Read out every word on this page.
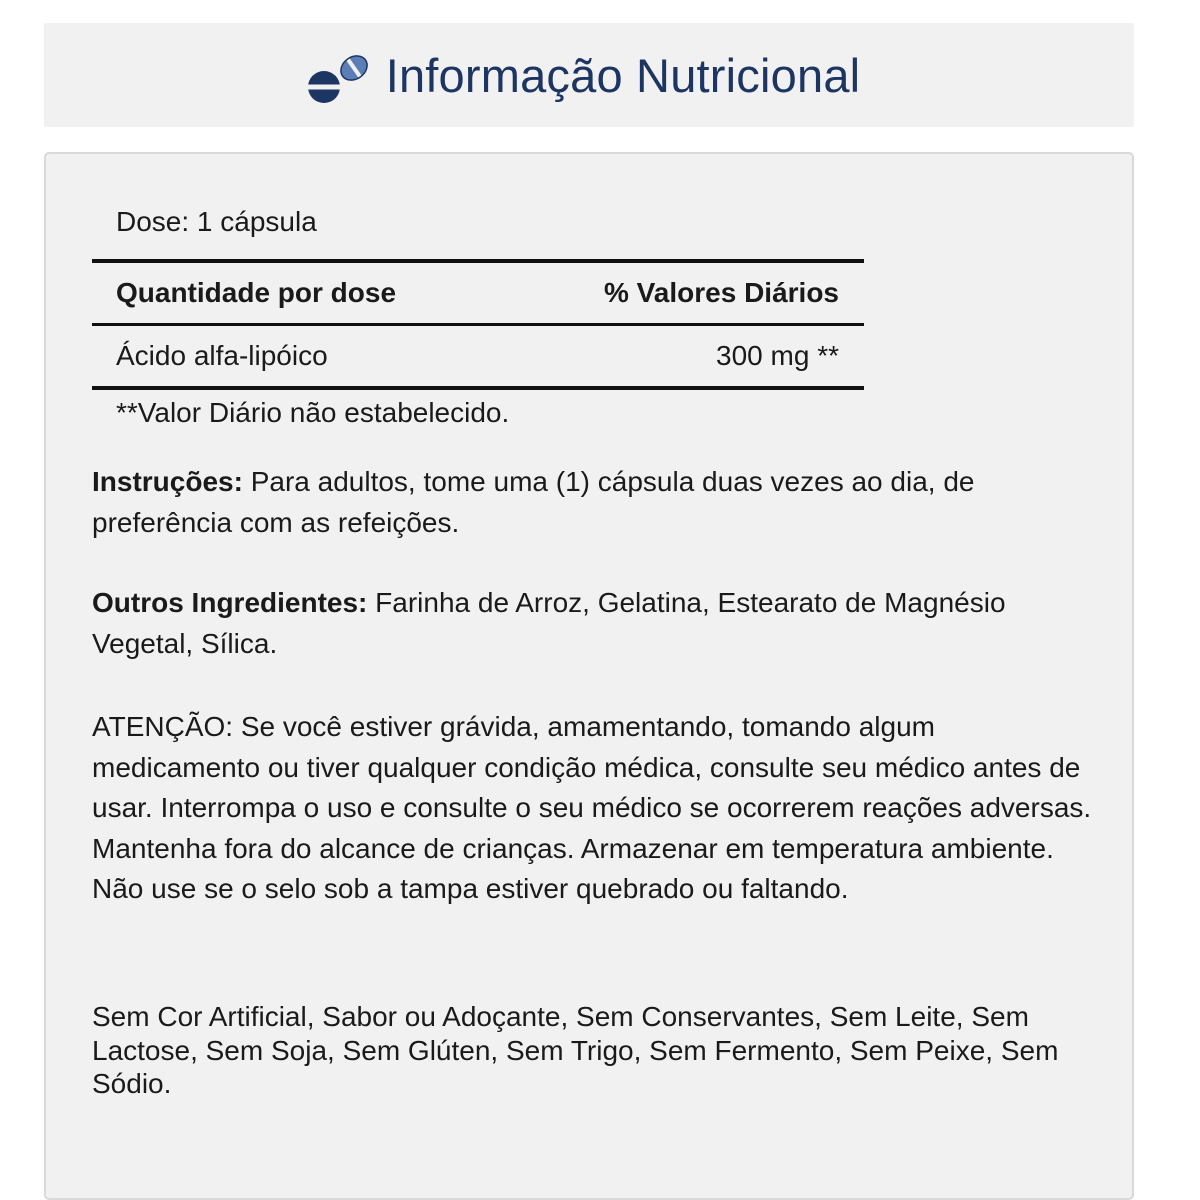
Informação Nutricional
Dose: 1 cápsula
Quantidade por dose	% Valores Diários
Ácido alfa-lipóico	300 mg **
**Valor Diário não estabelecido.
Instruções: Para adultos, tome uma (1) cápsula duas vezes ao dia, de preferência com as refeições.
Outros Ingredientes: Farinha de Arroz, Gelatina, Estearato de Magnésio Vegetal, Sílica.
ATENÇÃO: Se você estiver grávida, amamentando, tomando algum medicamento ou tiver qualquer condição médica, consulte seu médico antes de usar. Interrompa o uso e consulte o seu médico se ocorrerem reações adversas. Mantenha fora do alcance de crianças. Armazenar em temperatura ambiente. Não use se o selo sob a tampa estiver quebrado ou faltando.
Sem Cor Artificial, Sabor ou Adoçante, Sem Conservantes, Sem Leite, Sem Lactose, Sem Soja, Sem Glúten, Sem Trigo, Sem Fermento, Sem Peixe, Sem Sódio.
